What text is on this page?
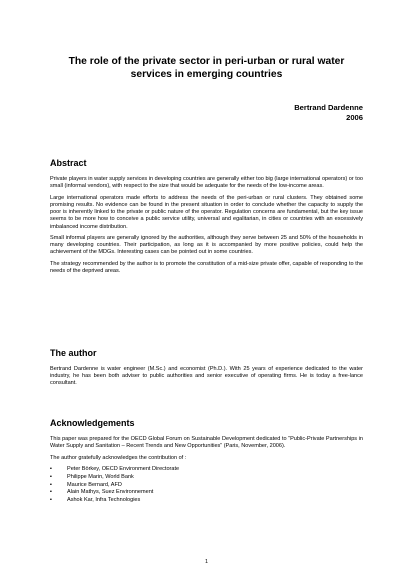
The role of the private sector in peri-urban or rural water
services in emerging countries
Bertrand Dardenne
2006
Abstract

Private players in water supply services in developing countries are generally either too big (large international operators) or too small (informal vendors), with respect to the size that would be adequate for the needs of the low-income areas.

Large international operators made efforts to address the needs of the peri-urban or rural clusters. They obtained some promising results. No evidence can be found in the present situation in order to conclude whether the capacity to supply the poor is inherently linked to the private or public nature of the operator. Regulation concerns are fundamental, but the key issue seems to be more how to conceive a public service utility, universal and egalitarian, in cities or countries with an excessively imbalanced income distribution.

Small informal players are generally ignored by the authorities, although they serve between 25 and 50% of the households in many developing countries. Their participation, as long as it is accompanied by more positive policies, could help the achievement of the MDGs. Interesting cases can be pointed out in some countries.

The strategy recommended by the author is to promote the constitution of a mid-size private offer, capable of responding to the needs of the deprived areas.

The author

Bertrand Dardenne is water engineer (M.Sc.) and economist (Ph.D.). With 25 years of experience dedicated to the water industry, he has been both adviser to public authorities and senior executive of operating firms. He is today a free-lance consultant.

Acknowledgements

This paper was prepared for the OECD Global Forum on Sustainable Development dedicated to “Public-Private Partnerships in Water Supply and Sanitation – Recent Trends and New Opportunities” (Paris, November, 2006).

The author gratefully acknowledges the contribution of :

▪	Peter Börkey, OECD Environment Directorate
▪	Philippe Marin, World Bank
▪	Maurice Bernard, AFD
▪	Alain Mathys, Suez Environnement
▪	Ashok Kar, Infra Technologies
1
